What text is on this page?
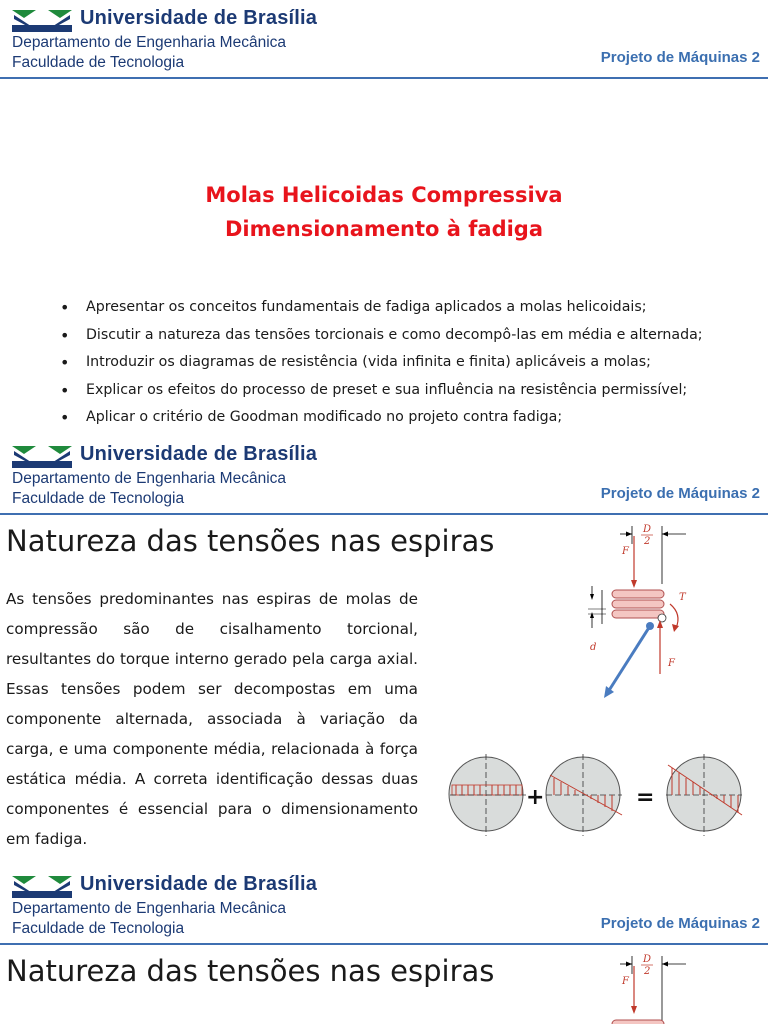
Universidade de Brasília
Departamento de Engenharia Mecânica
Faculdade de Tecnologia	Projeto de Máquinas 2
Molas Helicoidas Compressiva
Dimensionamento à fadiga
• Apresentar os conceitos fundamentais de fadiga aplicados a molas helicoidais;
• Discutir a natureza das tensões torcionais e como decompô-las em média e alternada;
• Introduzir os diagramas de resistência (vida infinita e finita) aplicáveis a molas;
• Explicar os efeitos do processo de preset e sua influência na resistência permissível;
• Aplicar o critério de Goodman modificado no projeto contra fadiga;
Universidade de Brasília
Departamento de Engenharia Mecânica
Faculdade de Tecnologia	Projeto de Máquinas 2
Natureza das tensões nas espiras
As tensões predominantes nas espiras de molas de compressão são de cisalhamento torcional, resultantes do torque interno gerado pela carga axial. Essas tensões podem ser decompostas em uma componente alternada, associada à variação da carga, e uma componente média, relacionada à força estática média. A correta identificação dessas duas componentes é essencial para o dimensionamento em fadiga.
D
2
F
d
T
F
+	=
Universidade de Brasília
Departamento de Engenharia Mecânica
Faculdade de Tecnologia	Projeto de Máquinas 2
Natureza das tensões nas espiras	D
2
F
